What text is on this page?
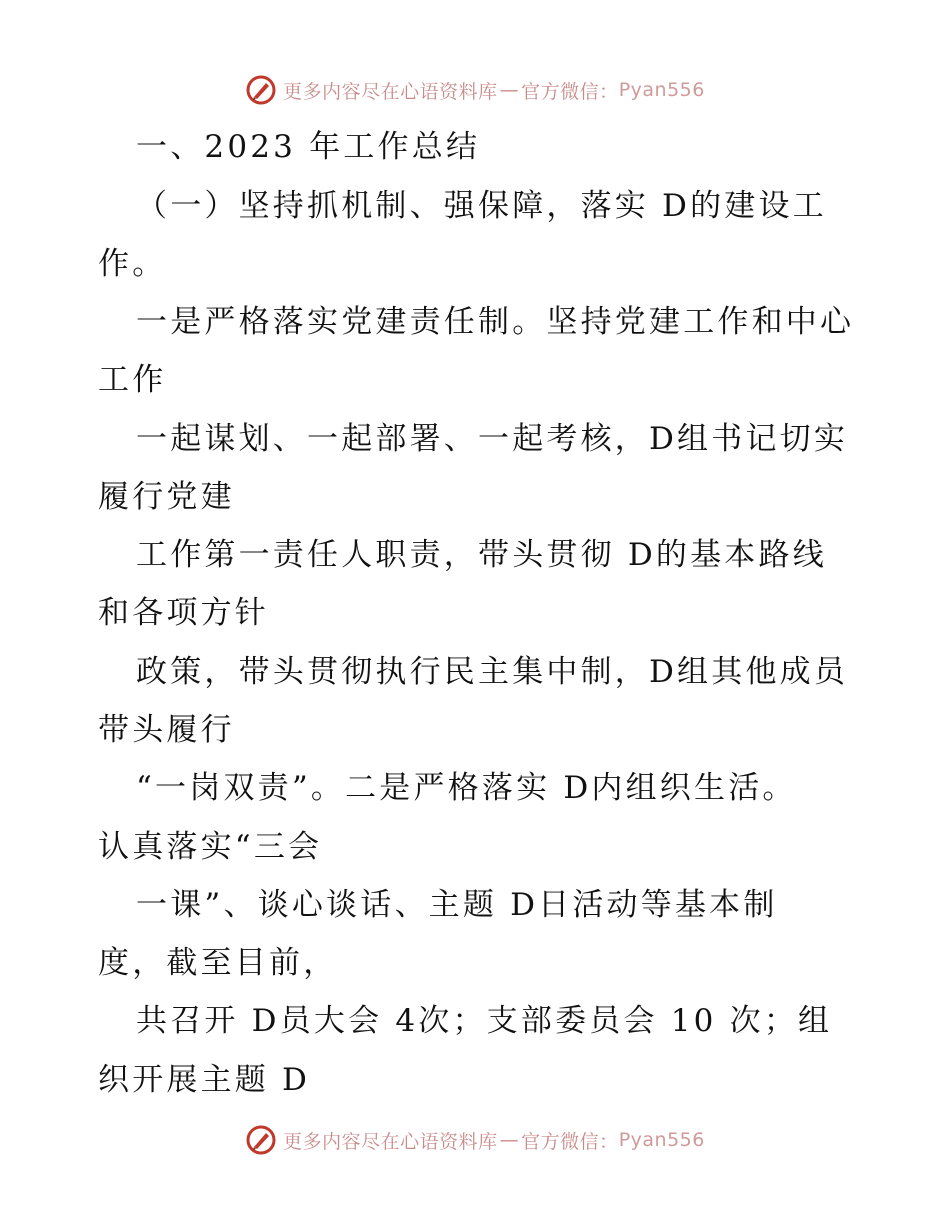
更多内容尽在心语资料库 — 官方微信： Pyan556
一、2023 年工作总结
（一）坚持抓机制、强保障，落实 D的建设工
作。
一是严格落实党建责任制。坚持党建工作和中心
工作
一起谋划、一起部署、一起考核，D组书记切实
履行党建
工作第一责任人职责，带头贯彻 D的基本路线
和各项方针
政策，带头贯彻执行民主集中制，D组其他成员
带头履行
“一岗双责”。二是严格落实 D内组织生活。
认真落实“三会
一课”、谈心谈话、主题 D日活动等基本制
度，截至目前，
共召开 D员大会 4次；支部委员会 10 次；组
织开展主题 D
更多内容尽在心语资料库 — 官方微信： Pyan556
